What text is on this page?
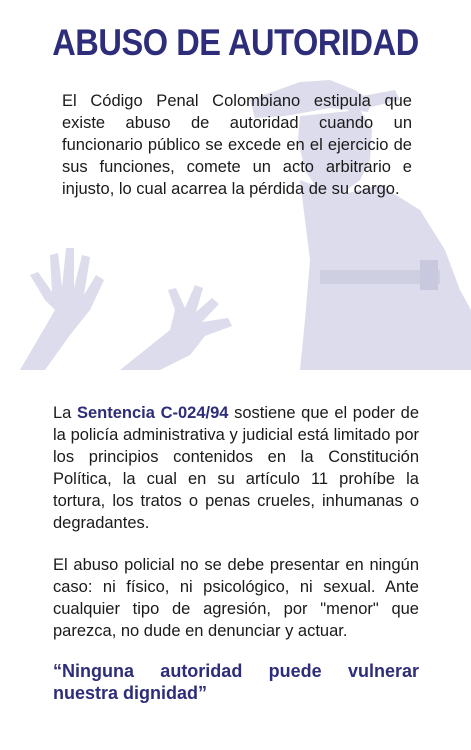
ABUSO DE AUTORIDAD

El Código Penal Colombiano estipula que existe abuso de autoridad cuando un funcionario público se excede en el ejercicio de sus funciones, comete un acto arbitrario e injusto, lo cual acarrea la pérdida de su cargo.

La Sentencia C-024/94 sostiene que el poder de la policía administrativa y judicial está limitado por los principios contenidos en la Constitución Política, la cual en su artículo 11 prohíbe la tortura, los tratos o penas crueles, inhumanas o degradantes.

El abuso policial no se debe presentar en ningún caso: ni físico, ni psicológico, ni sexual. Ante cualquier tipo de agresión, por "menor" que parezca, no dude en denunciar y actuar.

“Ninguna autoridad puede vulnerar nuestra dignidad”
